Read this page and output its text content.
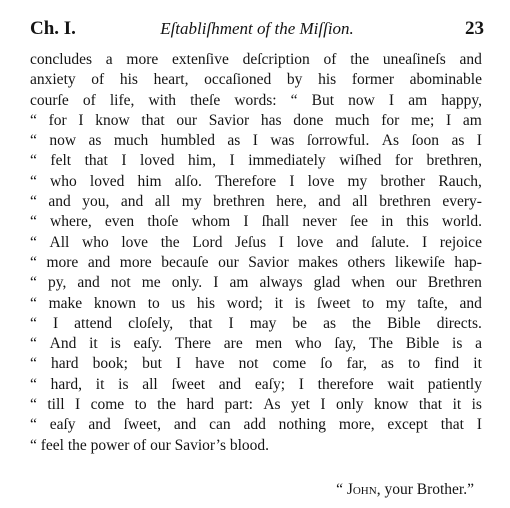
Ch. I.	Eſtabliſhment of the Miſſion.	23
concludes a more extenſive deſcription of the uneaſineſs and
anxiety of his heart, occaſioned by his former abominable
courſe of life, with theſe words: “ But now I am happy,
“ for I know that our Savior has done much for me; I am
“ now as much humbled as I was ſorrowful. As ſoon as I
“ felt that I loved him, I immediately wiſhed for brethren,
“ who loved him alſo. Therefore I love my brother Rauch,
“ and you, and all my brethren here, and all brethren every-
“ where, even thoſe whom I ſhall never ſee in this world.
“ All who love the Lord Jeſus I love and ſalute. I rejoice
“ more and more becauſe our Savior makes others likewiſe hap-
“ py, and not me only. I am always glad when our Brethren
“ make known to us his word; it is ſweet to my taſte, and
“ I attend cloſely, that I may be as the Bible directs.
“ And it is eaſy. There are men who ſay, The Bible is a
“ hard book; but I have not come ſo far, as to find it
“ hard, it is all ſweet and eaſy; I therefore wait patiently
“ till I come to the hard part: As yet I only know that it is
“ eaſy and ſweet, and can add nothing more, except that I
“ feel the power of our Savior’s blood.
“ John, your Brother.”
